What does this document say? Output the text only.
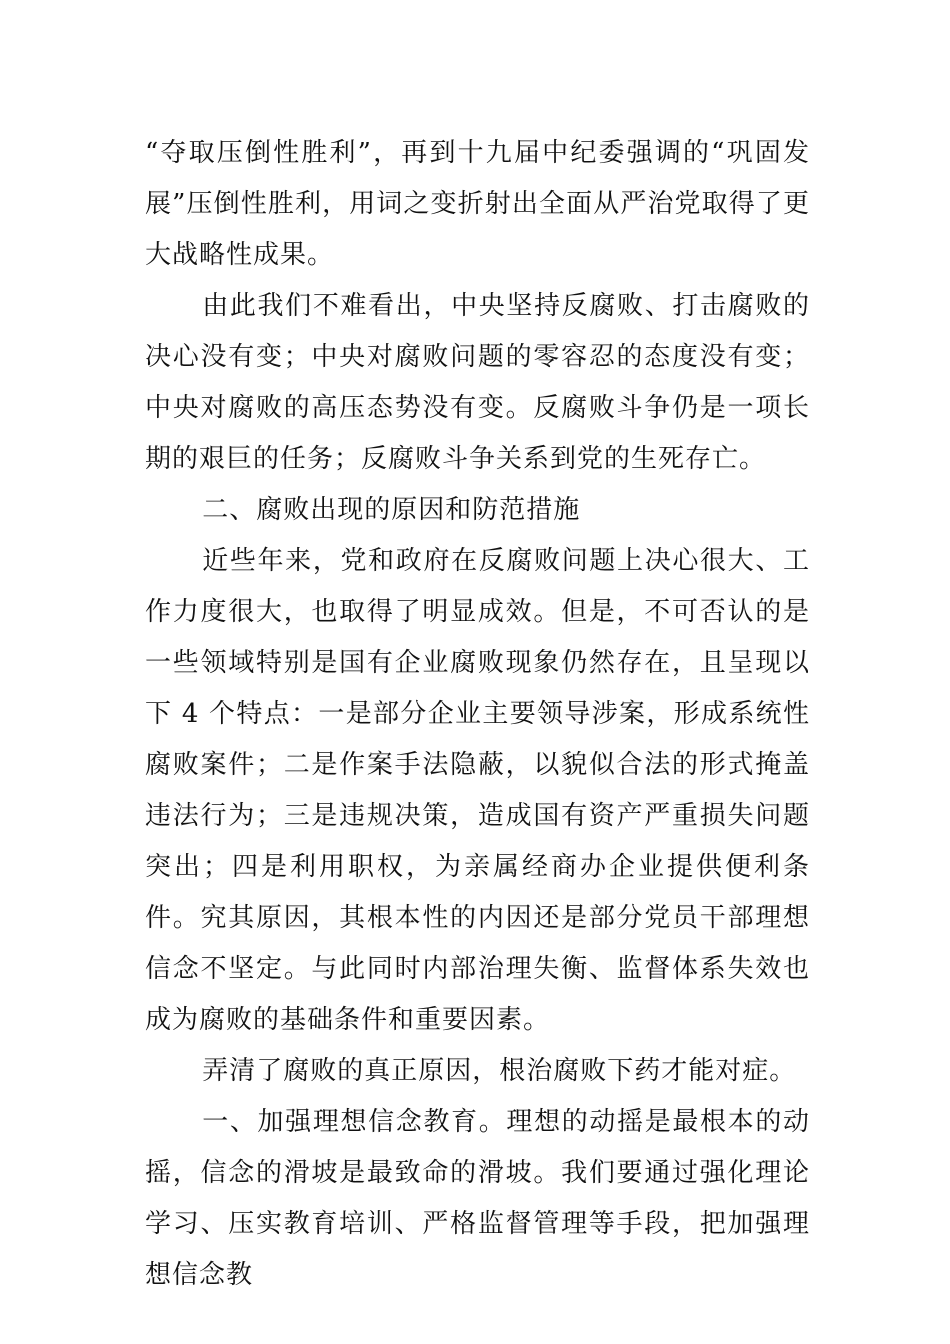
“夺取压倒性胜利”，再到十九届中纪委强调的“巩固发展”压倒性胜利，用词之变折射出全面从严治党取得了更大战略性成果。

由此我们不难看出，中央坚持反腐败、打击腐败的决心没有变；中央对腐败问题的零容忍的态度没有变；中央对腐败的高压态势没有变。反腐败斗争仍是一项长期的艰巨的任务；反腐败斗争关系到党的生死存亡。

二、腐败出现的原因和防范措施

近些年来，党和政府在反腐败问题上决心很大、工作力度很大，也取得了明显成效。但是，不可否认的是一些领域特别是国有企业腐败现象仍然存在，且呈现以下 4 个特点：一是部分企业主要领导涉案，形成系统性腐败案件；二是作案手法隐蔽，以貌似合法的形式掩盖违法行为；三是违规决策，造成国有资产严重损失问题突出；四是利用职权，为亲属经商办企业提供便利条件。究其原因，其根本性的内因还是部分党员干部理想信念不坚定。与此同时内部治理失衡、监督体系失效也成为腐败的基础条件和重要因素。

弄清了腐败的真正原因，根治腐败下药才能对症。

一、加强理想信念教育。理想的动摇是最根本的动摇，信念的滑坡是最致命的滑坡。我们要通过强化理论学习、压实教育培训、严格监督管理等手段，把加强理想信念教
